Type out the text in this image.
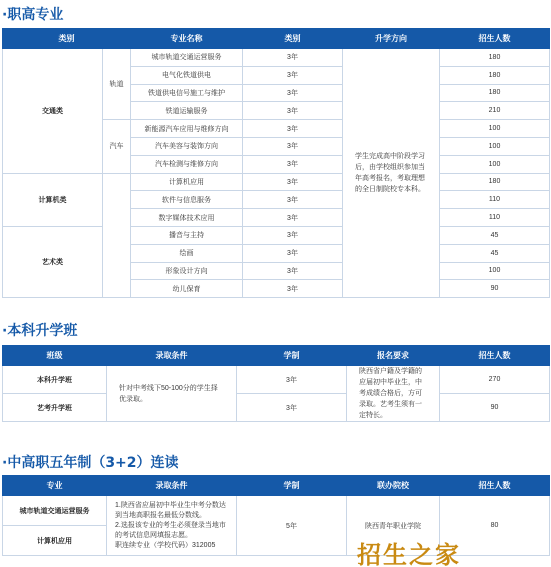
·职高专业
类别		专业名称	类别	升学方向	招生人数
交通类	轨道	城市轨道交通运营服务	3年	学生完成高中阶段学习后，由学校组织参加当年高考报名，考取理想的全日制院校专本科。	180
		电气化铁道供电	3年		180
		铁道供电信号施工与维护	3年		180
		铁道运输服务	3年		210
	汽车	新能源汽车应用与维修方向	3年		100
		汽车美容与装饰方向	3年		100
		汽车检测与维修方向	3年		100
计算机类		计算机应用	3年		180
		软件与信息服务	3年		110
		数字媒体技术应用	3年		110
艺术类		播音与主持	3年		45
		绘画	3年		45
		形象设计方向	3年		100
		幼儿保育	3年		90
·本科升学班
班级	录取条件	学制	报名要求	招生人数
本科升学班	针对中考线下50-100分的学生择优录取。	3年	陕西省户籍及学籍的应届初中毕业生，中考成绩合格后，方可录取。艺考生须有一定特长。	270
艺考升学班		3年		90
·中高职五年制（3+2）连读
专业	录取条件	学制	联办院校	招生人数
城市轨道交通运营服务	1.陕西省应届初中毕业生中考分数达到当地高职报名最低分数线。
2.选报该专业的考生必须登录当地市的考试信息网填报志愿。
职连续专业（学校代码）312005	5年	陕西青年职业学院	80
计算机应用					招生之家
